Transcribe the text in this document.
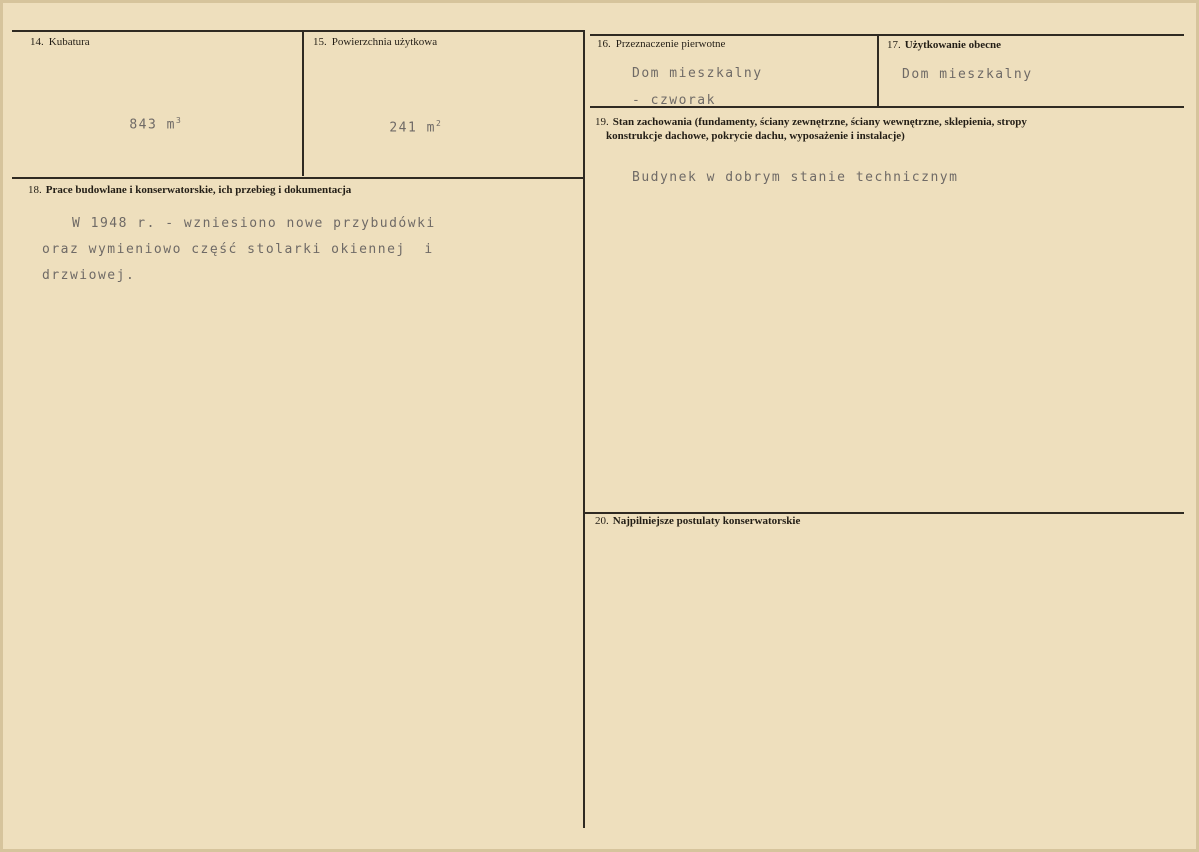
14. Kubatura

843 $m^3$

15. Powierzchnia użytkowa

241 $m^2$

16. Przeznaczenie pierwotne
Dom mieszkalny
- czworak
17. Użytkowanie obecne
Dom mieszkalny
19. Stan zachowania (fundamenty, ściany zewnętrzne, ściany wewnętrzne, sklepienia, stropy
konstrukcje dachowe, pokrycie dachu, wyposażenie i instalacje)
Budynek w dobrym stanie technicznym
18. Prace budowlane i konserwatorskie, ich przebieg i dokumentacja
W 1948 r. - wzniesiono nowe przybudówki
oraz wymieniowo część stolarki okiennej  i
drzwiowej.
20. Najpilniejsze postulaty konserwatorskie
